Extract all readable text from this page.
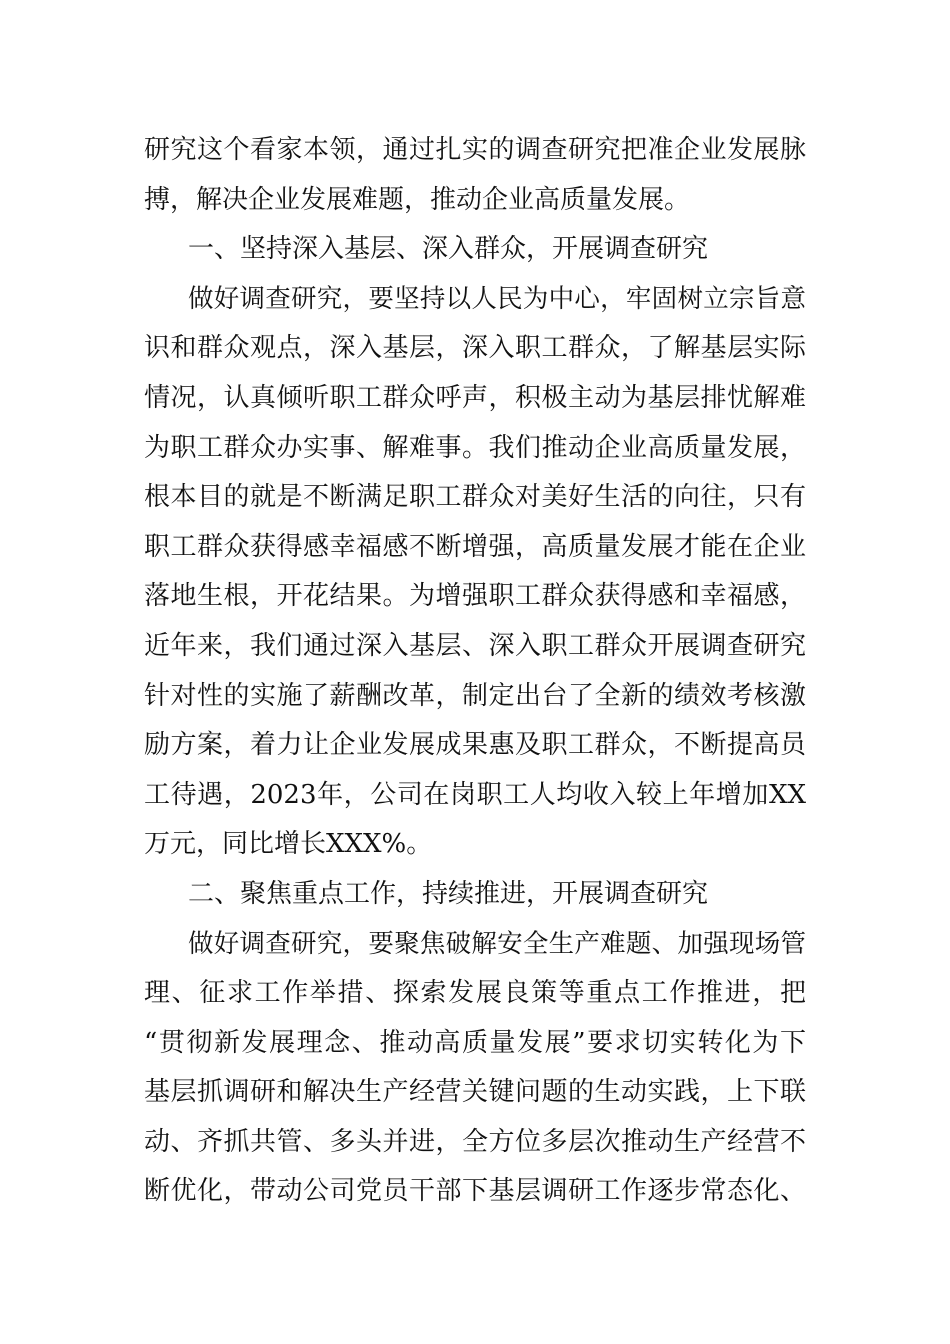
研究这个看家本领，通过扎实的调查研究把准企业发展脉
搏，解决企业发展难题，推动企业高质量发展。
一、坚持深入基层、深入群众，开展调查研究
做好调查研究，要坚持以人民为中心，牢固树立宗旨意
识和群众观点，深入基层，深入职工群众，了解基层实际
情况，认真倾听职工群众呼声，积极主动为基层排忧解难
为职工群众办实事、解难事。我们推动企业高质量发展，
根本目的就是不断满足职工群众对美好生活的向往，只有
职工群众获得感幸福感不断增强，高质量发展才能在企业
落地生根，开花结果。为增强职工群众获得感和幸福感，
近年来，我们通过深入基层、深入职工群众开展调查研究
针对性的实施了薪酬改革，制定出台了全新的绩效考核激
励方案，着力让企业发展成果惠及职工群众，不断提高员
工待遇，2023年，公司在岗职工人均收入较上年增加XX
万元，同比增长XXX%。
二、聚焦重点工作，持续推进，开展调查研究
做好调查研究，要聚焦破解安全生产难题、加强现场管
理、征求工作举措、探索发展良策等重点工作推进，把
“贯彻新发展理念、推动高质量发展”要求切实转化为下
基层抓调研和解决生产经营关键问题的生动实践，上下联
动、齐抓共管、多头并进，全方位多层次推动生产经营不
断优化，带动公司党员干部下基层调研工作逐步常态化、
